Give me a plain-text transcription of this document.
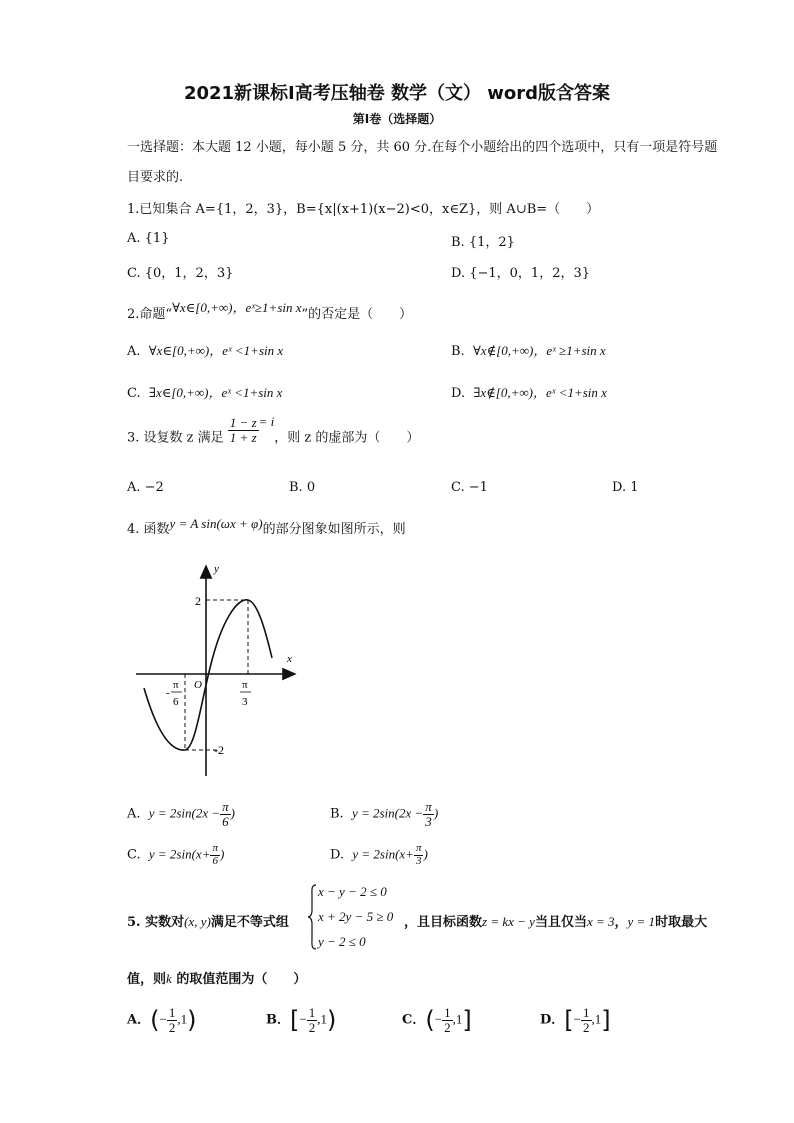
2021新课标Ⅰ高考压轴卷 数学（文） word版含答案
第Ⅰ卷（选择题）
一选择题：本大题 12 小题，每小题 5 分，共 60 分.在每个小题给出的四个选项中，只有一项是符号题
目要求的.
1.已知集合 A={1，2，3}，B={x|(x+1)(x−2)<0，x∈Z}，则 A∪B=（　　）
A. {1}	B. {1，2}
C. {0，1，2，3}	D. {−1，0，1，2，3}
2.命题“∀x∈[0,+∞)，eˣ≥1+sin x”的否定是（　　）
A. ∀x∈[0,+∞)，eˣ <1+sin x	B. ∀x∉[0,+∞)，eˣ ≥1+sin x
C. ∃x∈[0,+∞)，eˣ <1+sin x	D. ∃x∉[0,+∞)，eˣ <1+sin x
3. 设复数 z 满足 $\frac{1 - z}{1 + z} = i$，则 z 的虚部为（　　）
A. −2	B. 0	C. −1	D. 1
4. 函数y = A sin(ωx + φ)的部分图象如图所示，则
y
x
O
2
-2
-
π
6
π
3
A. $y = 2\sin(2x - \frac{\pi}{6}$ )	B. $y = 2\sin(2x - \frac{\pi}{3}$ )
C. $y = 2\sin(x+ \frac{\pi}{6}$ )	D. $y = 2\sin(x+ \frac{\pi}{3}$ )
5. 实数对(x, y)满足不等式组
x − y − 2 ≤ 0
x + 2y − 5 ≥ 0
y − 2 ≤ 0
，且目标函数z = kx − y当且仅当x = 3，y = 1时取最大
值，则k 的取值范围为（　　）
A．(− $\frac{1}{2} ,1$)	B．[− $\frac{1}{2} ,1$)	C．(− $\frac{1}{2} ,1$]	D．[− $\frac{1}{2} ,1$]
